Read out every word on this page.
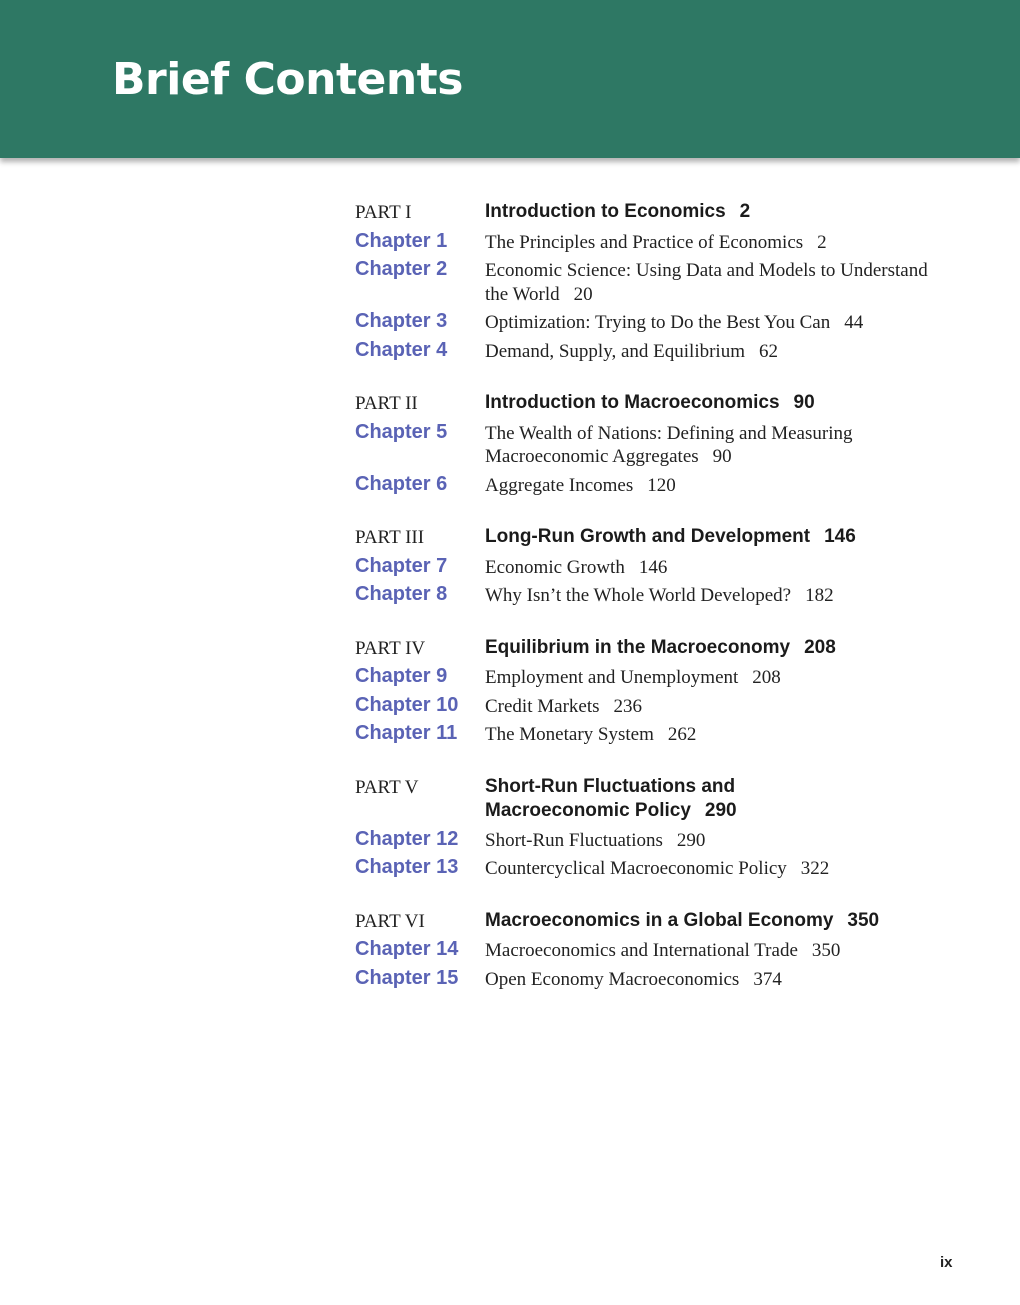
Brief Contents
PART I	Introduction to Economics 2
Chapter 1	The Principles and Practice of Economics 2
Chapter 2	Economic Science: Using Data and Models to Understand the World 20
Chapter 3	Optimization: Trying to Do the Best You Can 44
Chapter 4	Demand, Supply, and Equilibrium 62
PART II	Introduction to Macroeconomics 90
Chapter 5	The Wealth of Nations: Defining and Measuring Macroeconomic Aggregates 90
Chapter 6	Aggregate Incomes 120
PART III	Long-Run Growth and Development 146
Chapter 7	Economic Growth 146
Chapter 8	Why Isn’t the Whole World Developed? 182
PART IV	Equilibrium in the Macroeconomy 208
Chapter 9	Employment and Unemployment 208
Chapter 10	Credit Markets 236
Chapter 11	The Monetary System 262
PART V	Short-Run Fluctuations and Macroeconomic Policy 290
Chapter 12	Short-Run Fluctuations 290
Chapter 13	Countercyclical Macroeconomic Policy 322
PART VI	Macroeconomics in a Global Economy 350
Chapter 14	Macroeconomics and International Trade 350
Chapter 15	Open Economy Macroeconomics 374
ix
